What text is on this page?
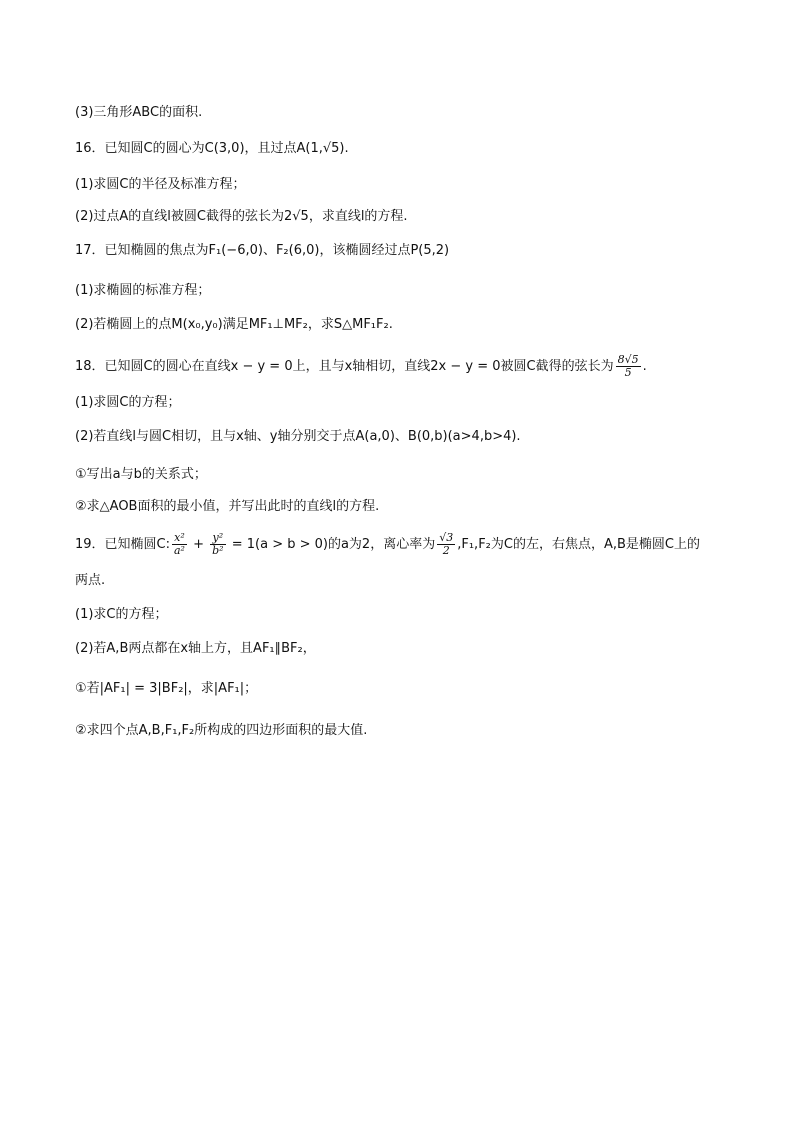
(3)三角形ABC的面积.
16．已知圆C的圆心为C(3,0)，且过点A(1,√5).
(1)求圆C的半径及标准方程；
(2)过点A的直线l被圆C截得的弦长为2√5，求直线l的方程.
17．已知椭圆的焦点为F₁(−6,0)、F₂(6,0)，该椭圆经过点P(5,2)
(1)求椭圆的标准方程；
(2)若椭圆上的点M(x₀,y₀)满足MF₁⊥MF₂，求S△MF₁F₂.
18．已知圆C的圆心在直线x − y = 0上，且与x轴相切，直线2x − y = 0被圆C截得的弦长为 $\frac{8√5}{5}$ .
(1)求圆C的方程；
(2)若直线l与圆C相切，且与x轴、y轴分别交于点A(a,0)、B(0,b)(a>4,b>4).
①写出a与b的关系式；
②求△AOB面积的最小值，并写出此时的直线l的方程.
19．已知椭圆C: $\frac{\text{x²}}{\text{a²}} + \frac{\text{y²}}{\text{b²}} = 1(a > b > 0)$的a为2，离心率为 $\frac{√3}{2} ,F_1,F_2$为C的左，右焦点，A,B是椭圆C上的
两点.
(1)求C的方程；
(2)若A,B两点都在x轴上方，且AF₁∥BF₂，
①若|AF₁| = 3|BF₂|，求|AF₁|；
②求四个点A,B,F₁,F₂所构成的四边形面积的最大值.
